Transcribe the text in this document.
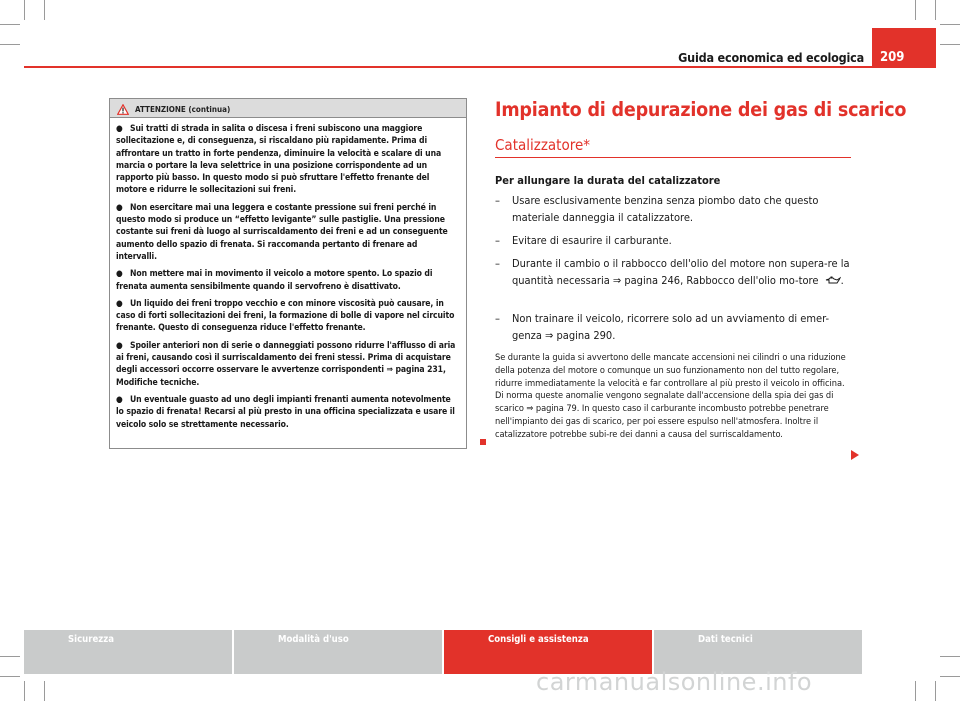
Guida economica ed ecologica	209
ATTENZIONE (continua)

● Sui tratti di strada in salita o discesa i freni subiscono una maggiore sollecitazione e, di conseguenza, si riscaldano più rapidamente. Prima di affrontare un tratto in forte pendenza, diminuire la velocità e scalare di una marcia o portare la leva selettrice in una posizione corrispondente ad un rapporto più basso. In questo modo si può sfruttare l'effetto frenante del motore e ridurre le sollecitazioni sui freni.

● Non esercitare mai una leggera e costante pressione sui freni perché in questo modo si produce un “effetto levigante” sulle pastiglie. Una pressione costante sui freni dà luogo al surriscaldamento dei freni e ad un conseguente aumento dello spazio di frenata. Si raccomanda pertanto di frenare ad intervalli.

● Non mettere mai in movimento il veicolo a motore spento. Lo spazio di frenata aumenta sensibilmente quando il servofreno è disattivato.

● Un liquido dei freni troppo vecchio e con minore viscosità può causare, in caso di forti sollecitazioni dei freni, la formazione di bolle di vapore nel circuito frenante. Questo di conseguenza riduce l'effetto frenante.

● Spoiler anteriori non di serie o danneggiati possono ridurre l'afflusso di aria ai freni, causando così il surriscaldamento dei freni stessi. Prima di acquistare degli accessori occorre osservare le avvertenze corrispondenti ⇒ pagina 231, Modifiche tecniche.

● Un eventuale guasto ad uno degli impianti frenanti aumenta notevolmente lo spazio di frenata! Recarsi al più presto in una officina specializzata e usare il veicolo solo se strettamente necessario.

Impianto di depurazione dei gas di scarico
Catalizzatore*
Per allungare la durata del catalizzatore
–	Usare esclusivamente benzina senza piombo dato che questo materiale danneggia il catalizzatore.
–	Evitare di esaurire il carburante.
–	Durante il cambio o il rabbocco dell'olio del motore non supera-re la quantità necessaria ⇒ pagina 246, Rabbocco dell'olio mo-tore .
–	Non trainare il veicolo, ricorrere solo ad un avviamento di emer-genza ⇒ pagina 290.

Se durante la guida si avvertono delle mancate accensioni nei cilindri o una riduzione della potenza del motore o comunque un suo funzionamento non del tutto regolare, ridurre immediatamente la velocità e far controllare al più presto il veicolo in officina. Di norma queste anomalie vengono segnalate dall'accensione della spia dei gas di scarico ⇒ pagina 79. In questo caso il carburante incombusto potrebbe penetrare nell'impianto dei gas di scarico, per poi essere espulso nell'atmosfera. Inoltre il catalizzatore potrebbe subi-re dei danni a causa del surriscaldamento.

Sicurezza	Modalità d'uso	Consigli e assistenza	Dati tecnici
carmanualsonline.info
